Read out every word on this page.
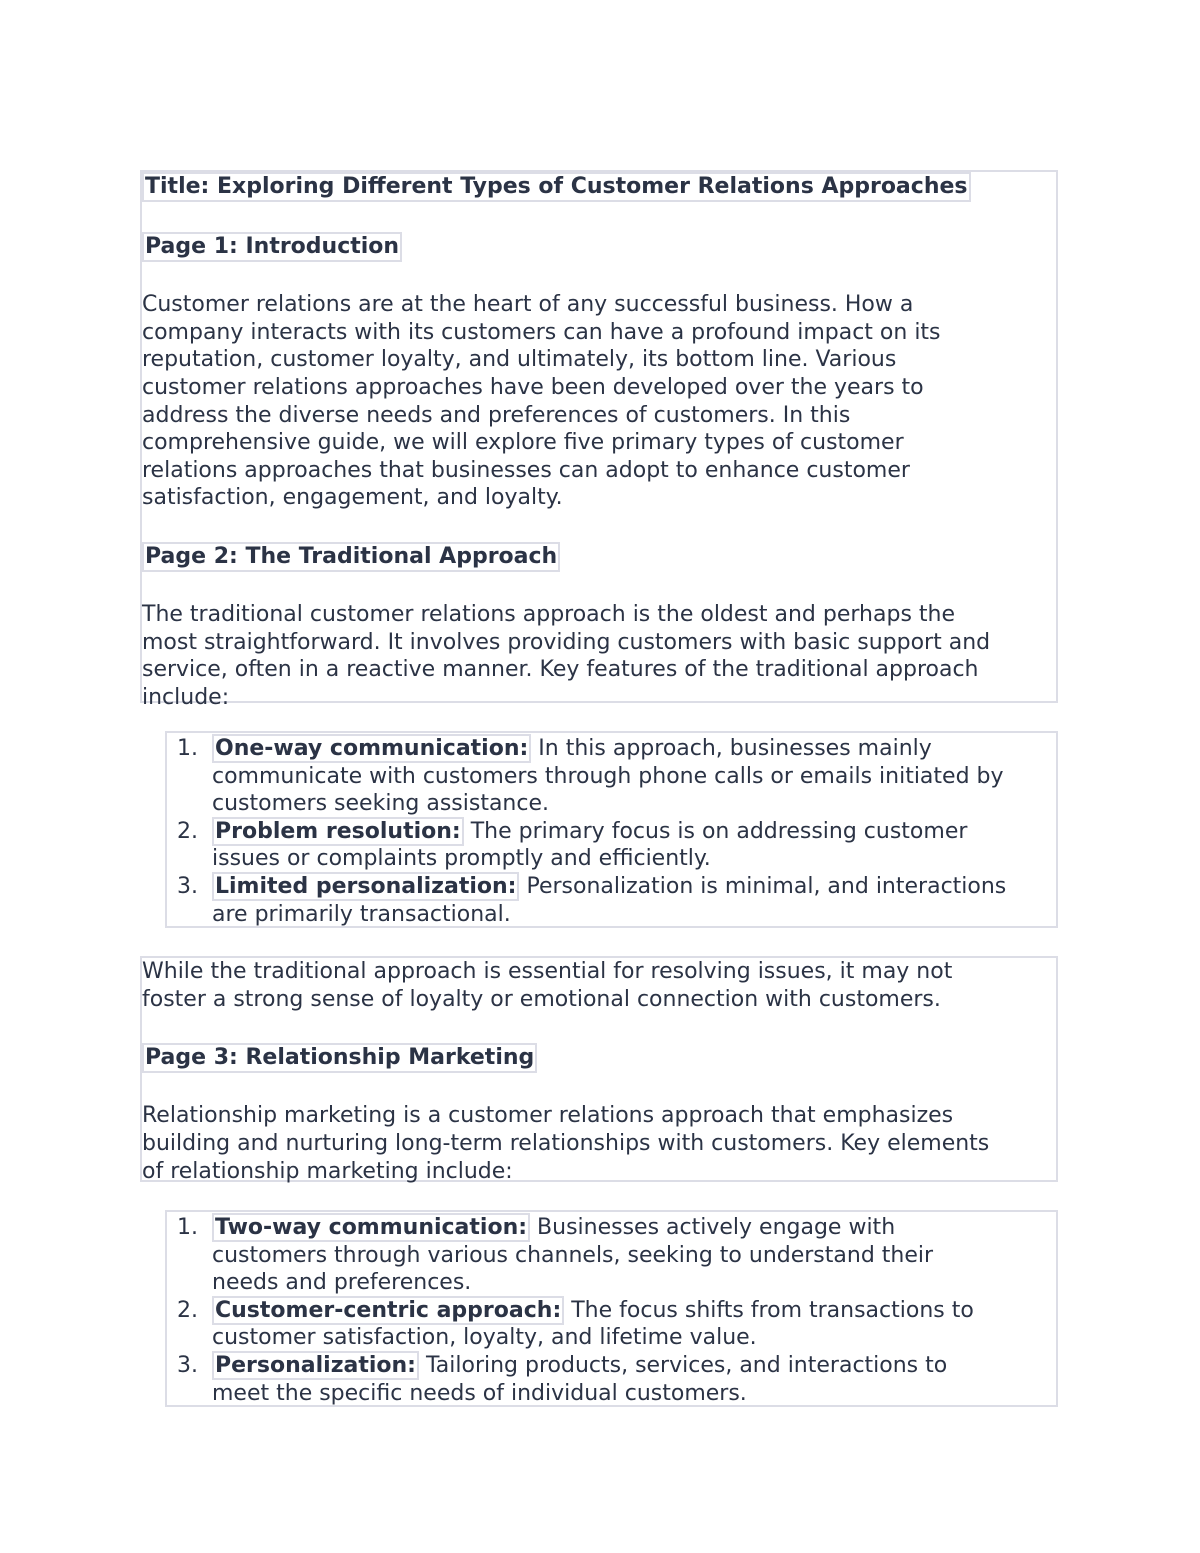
Title: Exploring Different Types of Customer Relations Approaches
Page 1: Introduction
Customer relations are at the heart of any successful business. How a
company interacts with its customers can have a profound impact on its
reputation, customer loyalty, and ultimately, its bottom line. Various
customer relations approaches have been developed over the years to
address the diverse needs and preferences of customers. In this
comprehensive guide, we will explore five primary types of customer
relations approaches that businesses can adopt to enhance customer
satisfaction, engagement, and loyalty.
Page 2: The Traditional Approach
The traditional customer relations approach is the oldest and perhaps the
most straightforward. It involves providing customers with basic support and
service, often in a reactive manner. Key features of the traditional approach
include:
1. One-way communication: In this approach, businesses mainly
communicate with customers through phone calls or emails initiated by
customers seeking assistance.
2. Problem resolution: The primary focus is on addressing customer
issues or complaints promptly and efficiently.
3. Limited personalization: Personalization is minimal, and interactions
are primarily transactional.
While the traditional approach is essential for resolving issues, it may not
foster a strong sense of loyalty or emotional connection with customers.
Page 3: Relationship Marketing
Relationship marketing is a customer relations approach that emphasizes
building and nurturing long-term relationships with customers. Key elements
of relationship marketing include:
1. Two-way communication: Businesses actively engage with
customers through various channels, seeking to understand their
needs and preferences.
2. Customer-centric approach: The focus shifts from transactions to
customer satisfaction, loyalty, and lifetime value.
3. Personalization: Tailoring products, services, and interactions to
meet the specific needs of individual customers.
